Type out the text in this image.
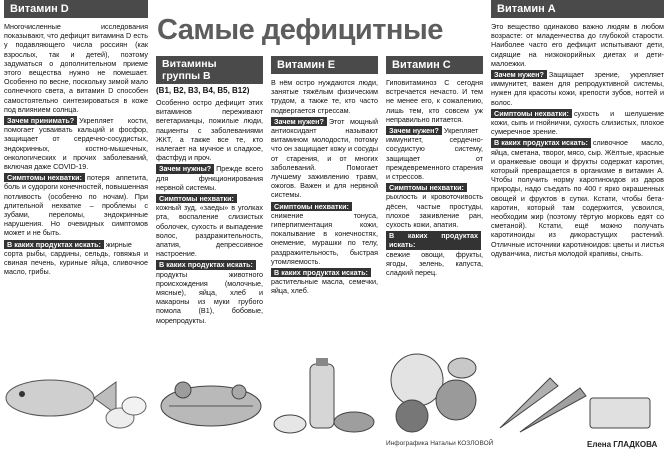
Витамин D

Многочисленные исследования показывают, что дефицит витамина D есть у подавляющего числа россиян (как взрослых, так и детей), поэтому задуматься о дополнительном приеме этого вещества нужно не помешает. Особенно по весне, поскольку зимой мало солнечного света, а витамин D способен самостоятельно синтезироваться в коже под влиянием солнца.

Зачем принимать? Укрепляет кости, помогает усваивать кальций и фосфор, защищает от сердечно-сосудистых, эндокринных, костно-мышечных, онкологических и прочих заболеваний, включая даже COVID-19.

Симптомы нехватки: потеря аппетита, боль и судороги конечностей, повышенная потливость (особенно по ночам). При длительной нехватке – проблемы с зубами, переломы, эндокринные нарушения. Но очевидных симптомов может и не быть.

В каких продуктах искать: жирные сорта рыбы, сардины, сельдь, говяжья и свиная печень, куриные яйца, сливочное масло, грибы.

Самые дефицитные
Витамины группы В
(В1, В2, В3, В4, В5, В12)

Особенно остро дефицит этих витаминов переживают вегетарианцы, пожилые люди, пациенты с заболеваниями ЖКТ, а также все те, кто налегает на мучное и сладкое, фастфуд и проч.

Зачем нужны? Прежде всего для функционирования нервной системы.

Симптомы нехватки:кожный зуд, «заеды» в уголках рта, воспаление слизистых оболочек, сухость и выпадение волос, раздражительность, апатия, депрессивное настроение.

В каких продуктах искать:продукты животного происхождения (молочные, мясные), яйца, хлеб и макароны из муки грубого помола (В1), бобовые, морепродукты.

Витамин Е

В нём остро нуждаются люди, занятые тяжёлым физическим трудом, а также те, кто часто подвергается стрессам.

Зачем нужен? Этот мощный антиоксидант называют витамином молодости, потому что он защищает кожу и сосуды от старения, и от многих заболеваний. Помогает лучшему заживлению травм, ожогов. Важен и для нервной системы.

Симптомы нехватки:снижение тонуса, гиперпигментация кожи, покалывание в конечностях, онемение, мурашки по телу, раздражительность, быстрая утомляемость.

В каких продуктах искать:растительные масла, семечки, яйца, хлеб.

Витамин С

Гиповитаминоз С сегодня встречается нечасто. И тем не менее его, к сожалению, лишь тем, кто совсем уж неправильно питается.

Зачем нужен? Укрепляет иммунитет, сердечно-сосудистую систему, защищает от преждевременного старения и стрессов.

Симптомы нехватки:рыхлость и кровоточивость дёсен, частые простуды, плохое заживление ран, сухость кожи, апатия.

В каких продуктах искать:свежие овощи, фрукты, ягоды, зелень, капуста, сладкий перец.

Витамин А

Это вещество одинаково важно людям в любом возрасте: от младенчества до глубокой старости. Наиболее часто его дефицит испытывают дети, сидящие на низкокорийных диетах и дети-малоежки.

Зачем нужен? Защищает зрение, укрепляет иммунитет, важен для репродуктивной системы, нужен для красоты кожи, крепости зубов, ногтей и волос.

Симптомы нехватки: сухость и шелушение кожи, сыпь и гнойнички, сухость слизистых, плохое сумеречное зрение.

В каких продуктах искать: сливочное масло, яйца, сметана, творог, мясо, сыр. Жёлтые, красные и оранжевые овощи и фрукты содержат каротин, который превращается в организме в витамин А. Чтобы получить норму каротиноидов из даров природы, надо съедать по 400 г ярко окрашенных овощей и фруктов в сутки. Кстати, чтобы бета-каротин, который там содержится, усвоился, необходим жир (поэтому тёртую морковь едят со сметаной). Кстати, ещё можно получать каротиноиды из дикорастущих растений. Отличные источники каротиноидов: цветы и листья одуванчика, листья молодой крапивы, сныть.

Инфографика Натальи КОЗЛОВОЙ	Елена ГЛАДКОВА
